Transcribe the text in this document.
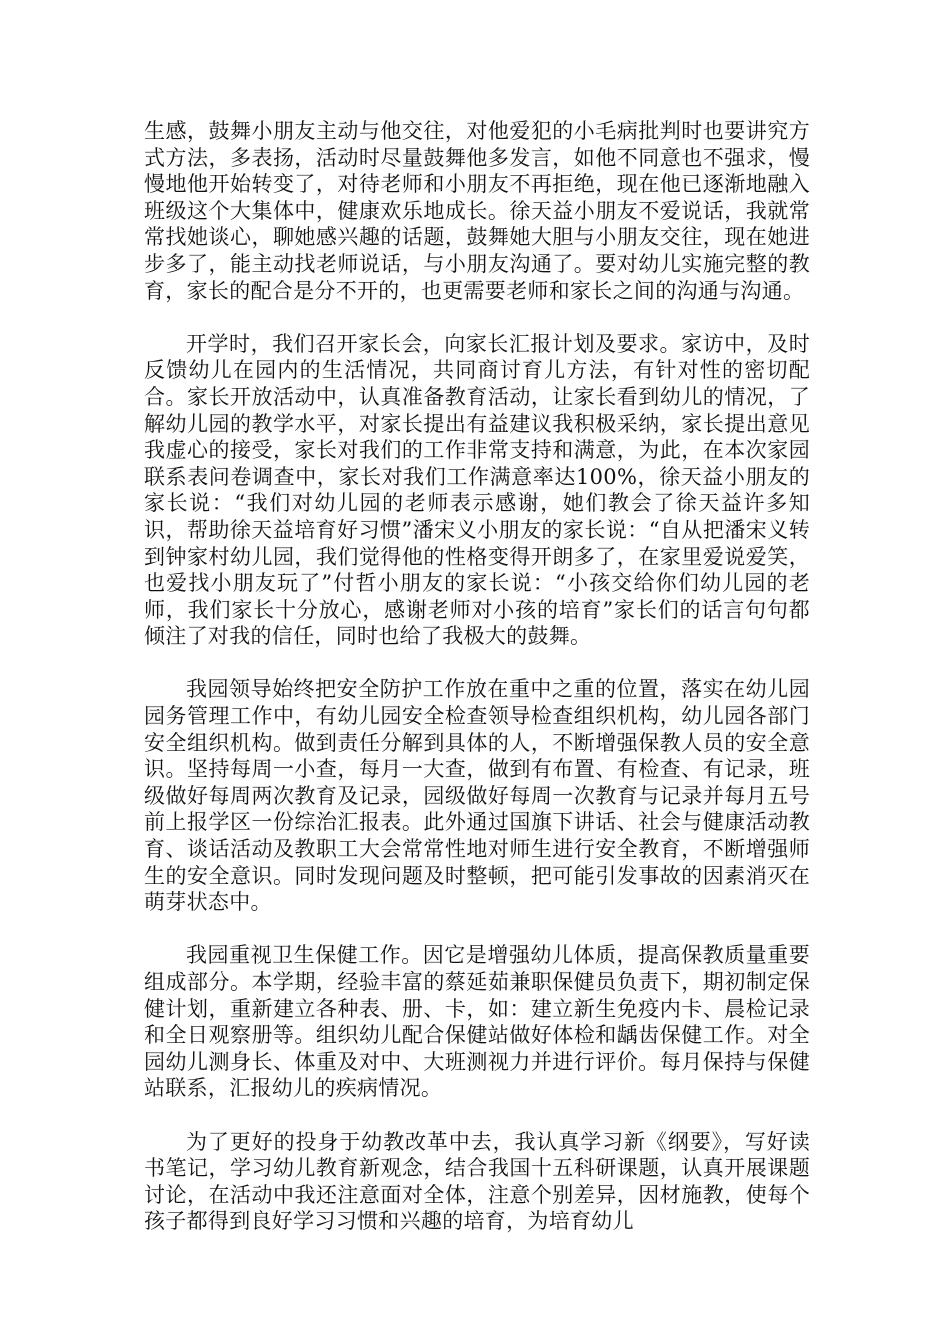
生感，鼓舞小朋友主动与他交往，对他爱犯的小毛病批判时也要讲究方式方法，多表扬，活动时尽量鼓舞他多发言，如他不同意也不强求，慢慢地他开始转变了，对待老师和小朋友不再拒绝，现在他已逐渐地融入班级这个大集体中，健康欢乐地成长。徐天益小朋友不爱说话，我就常常找她谈心，聊她感兴趣的话题，鼓舞她大胆与小朋友交往，现在她进步多了，能主动找老师说话，与小朋友沟通了。要对幼儿实施完整的教育，家长的配合是分不开的，也更需要老师和家长之间的沟通与沟通。

开学时，我们召开家长会，向家长汇报计划及要求。家访中，及时反馈幼儿在园内的生活情况，共同商讨育儿方法，有针对性的密切配合。家长开放活动中，认真准备教育活动，让家长看到幼儿的情况，了解幼儿园的教学水平，对家长提出有益建议我积极采纳，家长提出意见我虚心的接受，家长对我们的工作非常支持和满意，为此，在本次家园联系表问卷调查中，家长对我们工作满意率达100%，徐天益小朋友的家长说：“我们对幼儿园的老师表示感谢，她们教会了徐天益许多知识，帮助徐天益培育好习惯”潘宋义小朋友的家长说：“自从把潘宋义转到钟家村幼儿园，我们觉得他的性格变得开朗多了，在家里爱说爱笑，也爱找小朋友玩了”付哲小朋友的家长说：“小孩交给你们幼儿园的老师，我们家长十分放心，感谢老师对小孩的培育”家长们的话言句句都倾注了对我的信任，同时也给了我极大的鼓舞。

我园领导始终把安全防护工作放在重中之重的位置，落实在幼儿园园务管理工作中，有幼儿园安全检查领导检查组织机构，幼儿园各部门安全组织机构。做到责任分解到具体的人，不断增强保教人员的安全意识。坚持每周一小查，每月一大查，做到有布置、有检查、有记录，班级做好每周两次教育及记录，园级做好每周一次教育与记录并每月五号前上报学区一份综治汇报表。此外通过国旗下讲话、社会与健康活动教育、谈话活动及教职工大会常常性地对师生进行安全教育，不断增强师生的安全意识。同时发现问题及时整顿，把可能引发事故的因素消灭在萌芽状态中。

我园重视卫生保健工作。因它是增强幼儿体质，提高保教质量重要组成部分。本学期，经验丰富的蔡延茹兼职保健员负责下，期初制定保健计划，重新建立各种表、册、卡，如：建立新生免疫内卡、晨检记录和全日观察册等。组织幼儿配合保健站做好体检和龋齿保健工作。对全园幼儿测身长、体重及对中、大班测视力并进行评价。每月保持与保健站联系，汇报幼儿的疾病情况。

为了更好的投身于幼教改革中去，我认真学习新《纲要》，写好读书笔记，学习幼儿教育新观念，结合我国十五科研课题，认真开展课题讨论，在活动中我还注意面对全体，注意个别差异，因材施教，使每个孩子都得到良好学习习惯和兴趣的培育，为培育幼儿
